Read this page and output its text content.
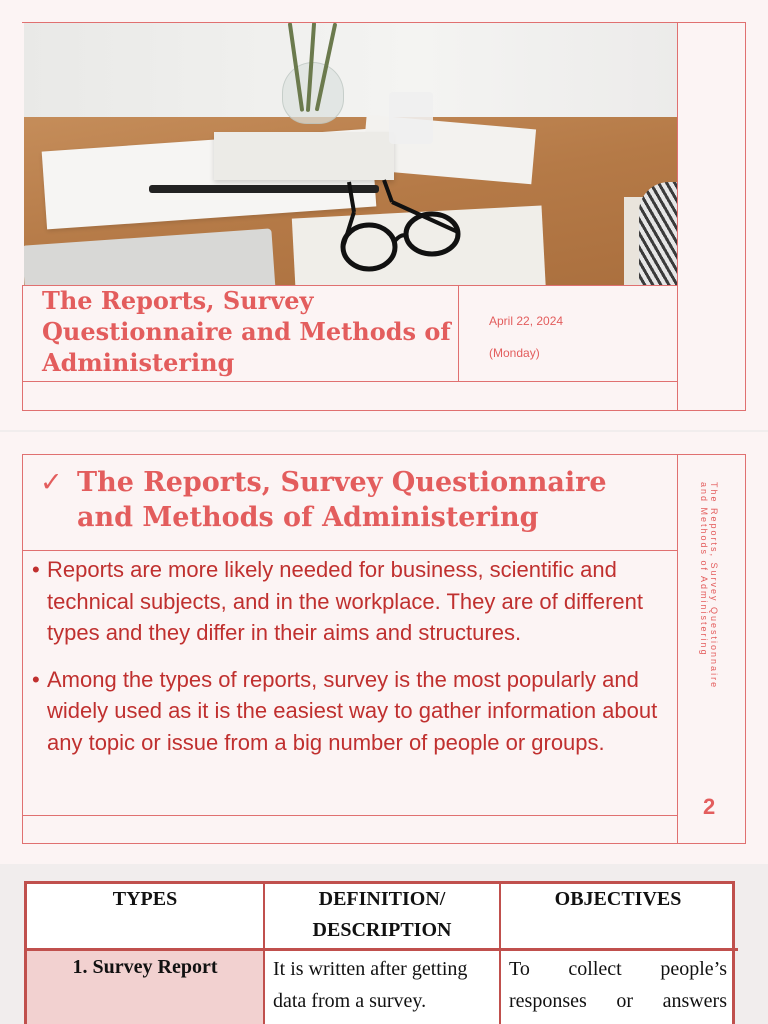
The Reports, Survey Questionnaire and Methods of Administering
April 22, 2024
(Monday)
✓ The Reports, Survey Questionnaire and Methods of Administering
• Reports are more likely needed for business, scientific and technical subjects, and in the workplace. They are of different types and they differ in their aims and structures.
• Among the types of reports, survey is the most popularly and widely used as it is the easiest way to gather information about any topic or issue from a big number of people or groups.
The Reports, Survey Questionnaire and Methods of Administering
2
TYPES	DEFINITION/
DESCRIPTION
OBJECTIVES
1. Survey Report	It is written after getting
data from a survey.
To collect people’s
responses or answers
